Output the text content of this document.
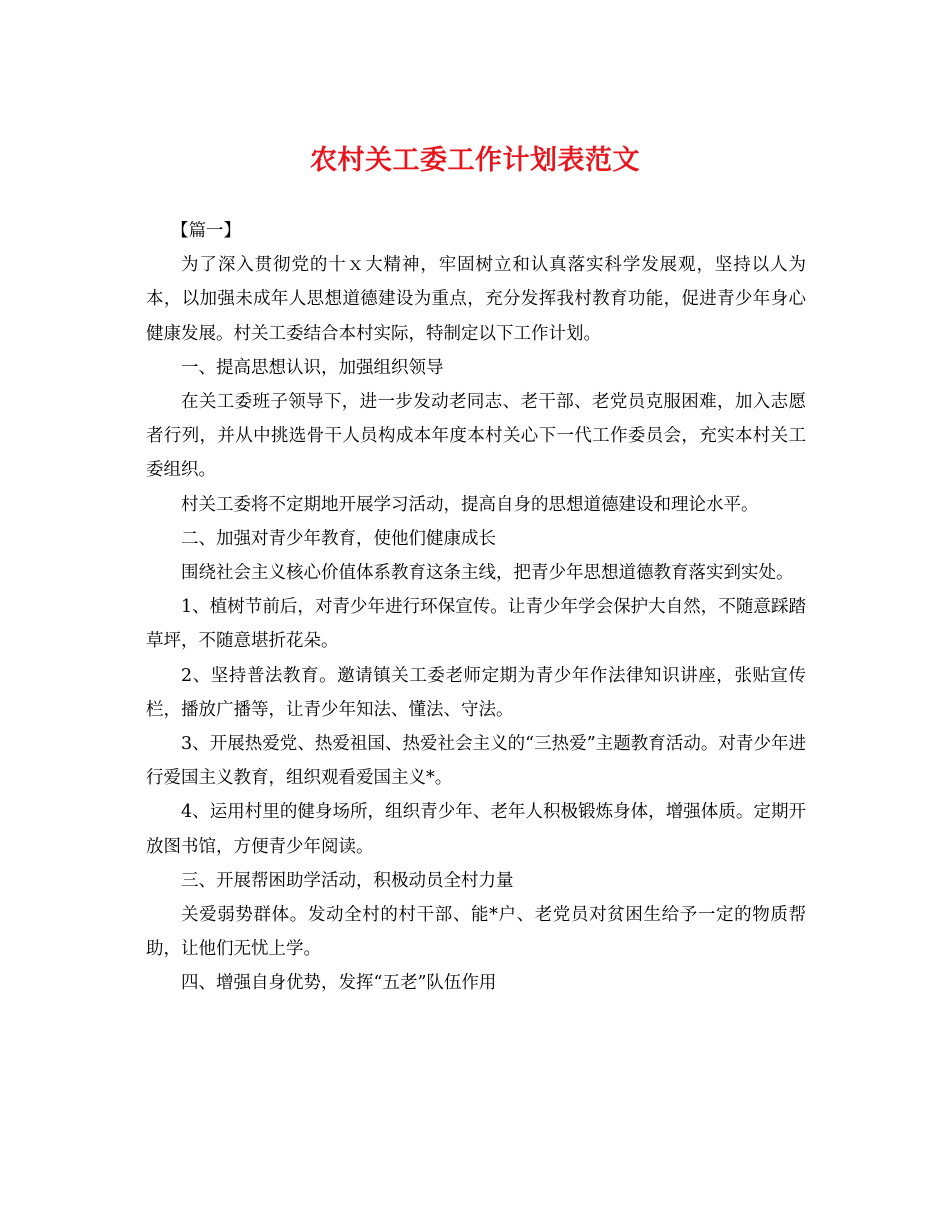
农村关工委工作计划表范文

【篇一】

为了深入贯彻党的十ｘ大精神，牢固树立和认真落实科学发展观，坚持以人为本，以加强未成年人思想道德建设为重点，充分发挥我村教育功能，促进青少年身心健康发展。村关工委结合本村实际，特制定以下工作计划。

一、提高思想认识，加强组织领导

在关工委班子领导下，进一步发动老同志、老干部、老党员克服困难，加入志愿者行列，并从中挑选骨干人员构成本年度本村关心下一代工作委员会，充实本村关工委组织。

村关工委将不定期地开展学习活动，提高自身的思想道德建设和理论水平。

二、加强对青少年教育，使他们健康成长

围绕社会主义核心价值体系教育这条主线，把青少年思想道德教育落实到实处。

1、植树节前后，对青少年进行环保宣传。让青少年学会保护大自然，不随意踩踏草坪，不随意堪折花朵。

2、坚持普法教育。邀请镇关工委老师定期为青少年作法律知识讲座，张贴宣传栏，播放广播等，让青少年知法、懂法、守法。

3、开展热爱党、热爱祖国、热爱社会主义的“三热爱”主题教育活动。对青少年进行爱国主义教育，组织观看爱国主义*。

4、运用村里的健身场所，组织青少年、老年人积极锻炼身体，增强体质。定期开放图书馆，方便青少年阅读。

三、开展帮困助学活动，积极动员全村力量

关爱弱势群体。发动全村的村干部、能*户、老党员对贫困生给予一定的物质帮助，让他们无忧上学。

四、增强自身优势，发挥“五老”队伍作用
